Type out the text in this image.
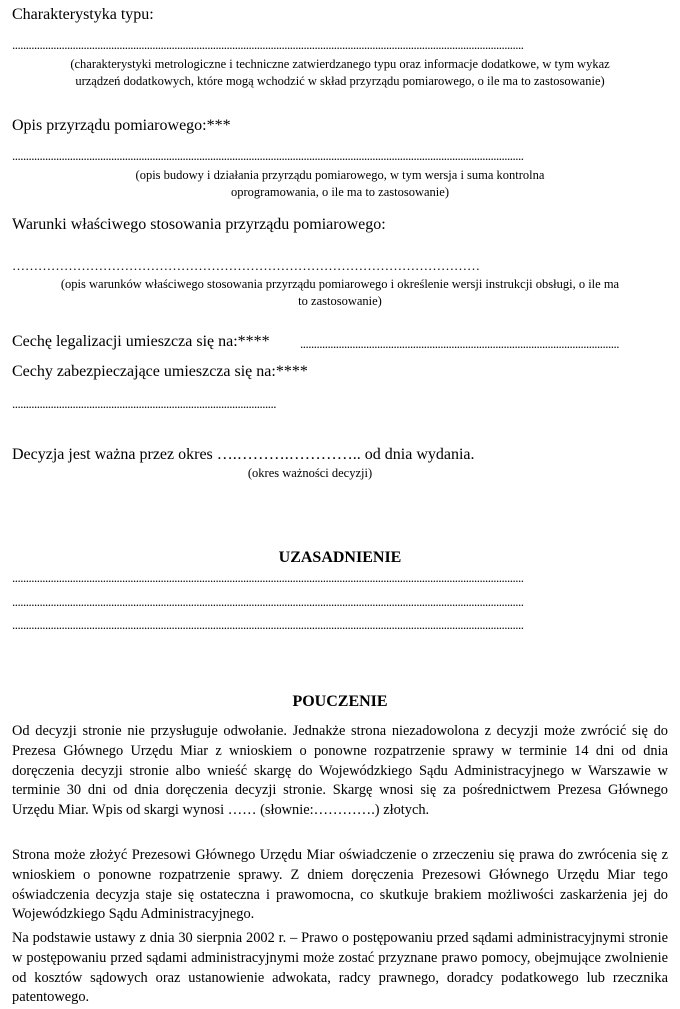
Charakterystyka typu:
..........................................................................................................................................................................................
(charakterystyki metrologiczne i techniczne zatwierdzanego typu oraz informacje dodatkowe, w tym wykaz
urządzeń dodatkowych, które mogą wchodzić w skład przyrządu pomiarowego, o ile ma to zastosowanie)
Opis przyrządu pomiarowego:***
..........................................................................................................................................................................................
(opis budowy i działania przyrządu pomiarowego, w tym wersja i suma kontrolna
oprogramowania, o ile ma to zastosowanie)
Warunki właściwego stosowania przyrządu pomiarowego:
………………………………………………………………………………………………
(opis warunków właściwego stosowania przyrządu pomiarowego i określenie wersji instrukcji obsługi, o ile ma
to zastosowanie)
Cechę legalizacji umieszcza się na:**** ....................................................................................................................
Cechy zabezpieczające umieszcza się na:****
................................................................................................
Decyzja jest ważna przez okres ….……….………….. od dnia wydania.
(okres ważności decyzji)
UZASADNIENIE
..........................................................................................................................................................................................
..........................................................................................................................................................................................
..........................................................................................................................................................................................
POUCZENIE

Od decyzji stronie nie przysługuje odwołanie. Jednakże strona niezadowolona z decyzji może zwrócić się do Prezesa Głównego Urzędu Miar z wnioskiem o ponowne rozpatrzenie sprawy w terminie 14 dni od dnia doręczenia decyzji stronie albo wnieść skargę do Wojewódzkiego Sądu Administracyjnego w Warszawie w terminie 30 dni od dnia doręczenia decyzji stronie. Skargę wnosi się za pośrednictwem Prezesa Głównego Urzędu Miar. Wpis od skargi wynosi …… (słownie:………….) złotych.

Strona może złożyć Prezesowi Głównego Urzędu Miar oświadczenie o zrzeczeniu się prawa do zwrócenia się z wnioskiem o ponowne rozpatrzenie sprawy. Z dniem doręczenia Prezesowi Głównego Urzędu Miar tego oświadczenia decyzja staje się ostateczna i prawomocna, co skutkuje brakiem możliwości zaskarżenia jej do Wojewódzkiego Sądu Administracyjnego.

Na podstawie ustawy z dnia 30 sierpnia 2002 r. – Prawo o postępowaniu przed sądami administracyjnymi stronie w postępowaniu przed sądami administracyjnymi może zostać przyznane prawo pomocy, obejmujące zwolnienie od kosztów sądowych oraz ustanowienie adwokata, radcy prawnego, doradcy podatkowego lub rzecznika patentowego.
